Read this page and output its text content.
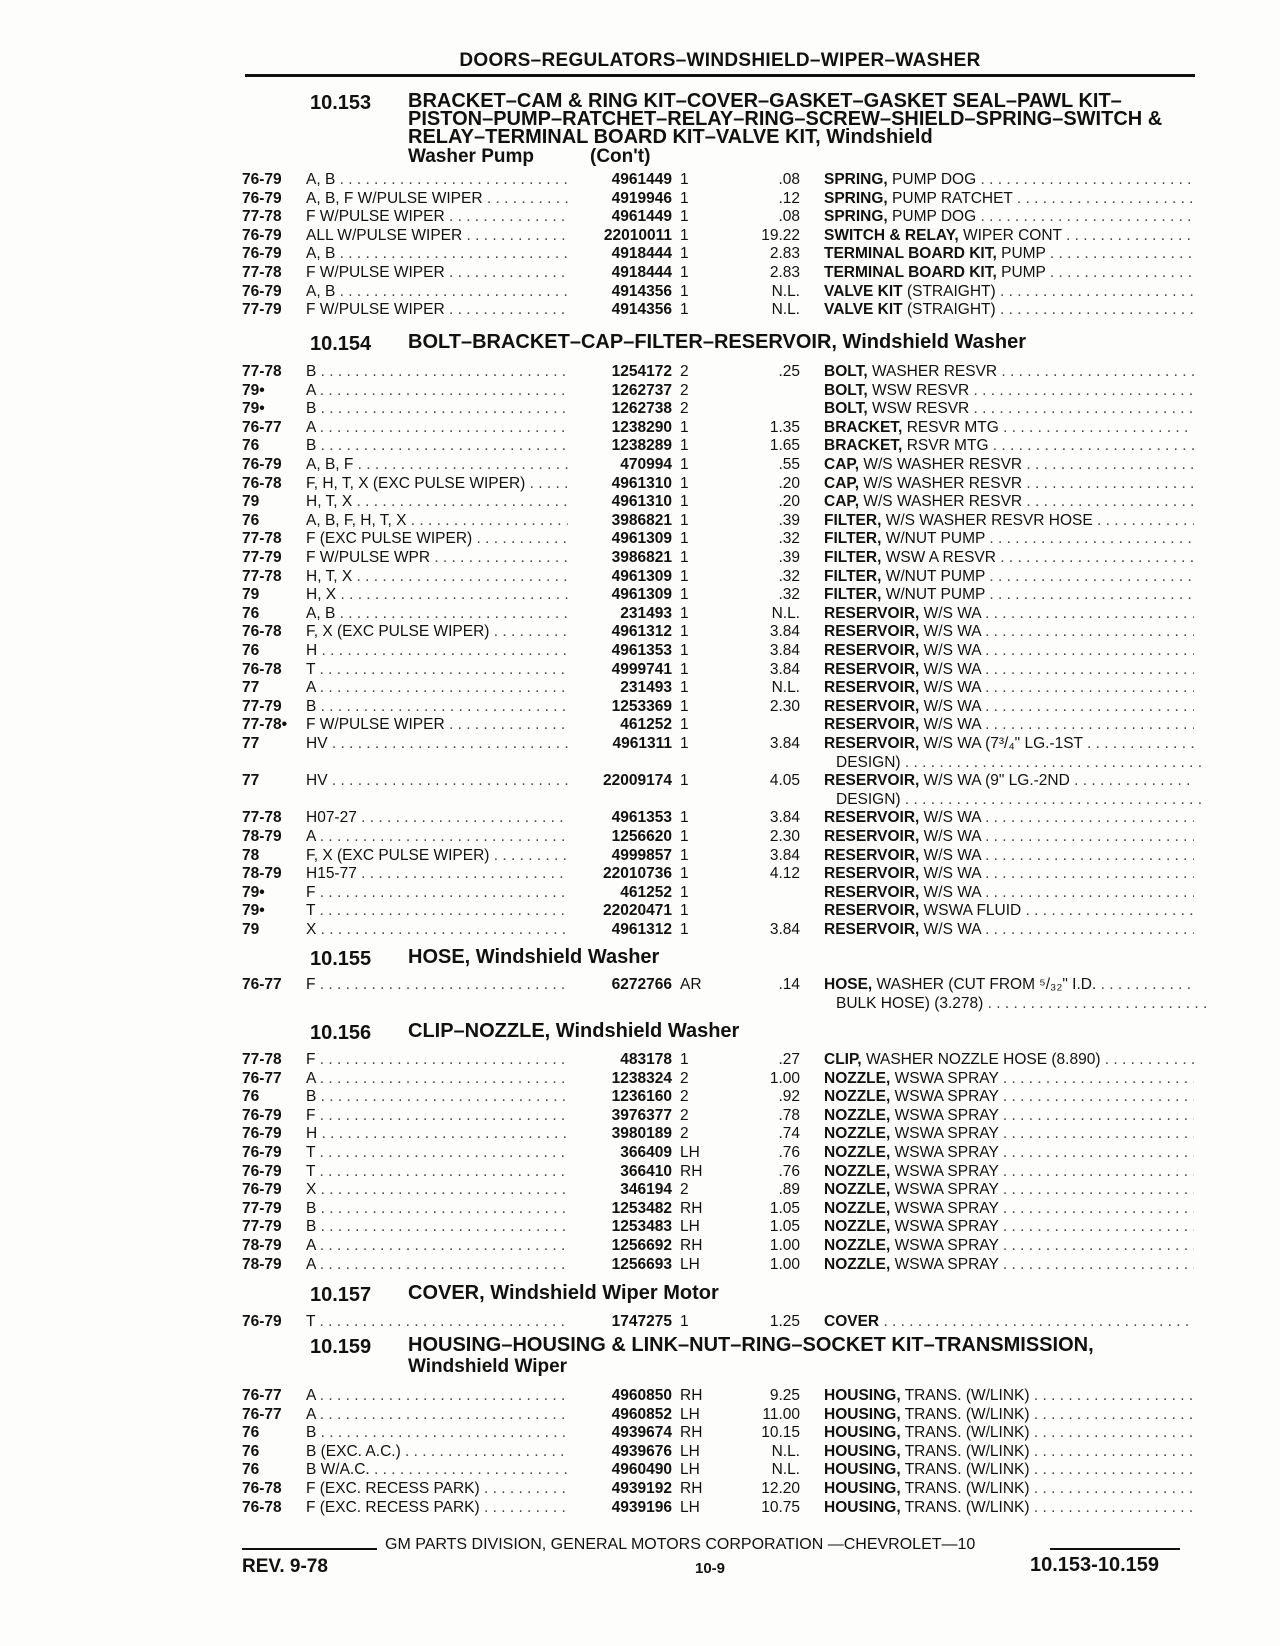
DOORS–REGULATORS–WINDSHIELD–WIPER–WASHER
10.153 BRACKET–CAM & RING KIT–COVER–GASKET–GASKET SEAL–PAWL KIT–PISTON–PUMP–RATCHET–RELAY–RING–SCREW–SHIELD–SPRING–SWITCH & RELAY–TERMINAL BOARD KIT–VALVE KIT, Windshield
Washer Pump	(Con't)
76-79 A, B . . .	4961449 1	.08 SPRING, PUMP DOG . . .
76-79 A, B, F W/PULSE WIPER . . .	4919946 1	.12 SPRING, PUMP RATCHET . . .
77-78 F W/PULSE WIPER . . .	4961449 1	.08 SPRING, PUMP DOG . . .
76-79 ALL W/PULSE WIPER . . .	22010011 1	19.22 SWITCH & RELAY, WIPER CONT . . .
76-79 A, B . . .	4918444 1	2.83 TERMINAL BOARD KIT, PUMP . . .
77-78 F W/PULSE WIPER . . .	4918444 1	2.83 TERMINAL BOARD KIT, PUMP . . .
76-79 A, B . . .	4914356 1	N.L. VALVE KIT (STRAIGHT) . . .
77-79 F W/PULSE WIPER . . .	4914356 1	N.L. VALVE KIT (STRAIGHT) . . .
10.154 BOLT–BRACKET–CAP–FILTER–RESERVOIR, Windshield Washer
77-78 B . . .	1254172 2	.25 BOLT, WASHER RESVR . . .
79•	A . . .	1262737 2	BOLT, WSW RESVR . . .
79•	B . . .	1262738 2	BOLT, WSW RESVR . . .
76-77 A . . .	1238290 1	1.35 BRACKET, RESVR MTG . . .
76	B . . .	1238289 1	1.65 BRACKET, RSVR MTG . . .
76-79 A, B, F . . .	470994 1	.55 CAP, W/S WASHER RESVR . . .
76-78 F, H, T, X (EXC PULSE WIPER) . . .	4961310 1	.20 CAP, W/S WASHER RESVR . . .
79	H, T, X . . .	4961310 1	.20 CAP, W/S WASHER RESVR . . .
76	A, B, F, H, T, X . . .	3986821 1	.39 FILTER, W/S WASHER RESVR HOSE . . .
77-78 F (EXC PULSE WIPER) . . .	4961309 1	.32 FILTER, W/NUT PUMP . . .
77-79 F W/PULSE WPR . . .	3986821 1	.39 FILTER, WSW A RESVR . . .
77-78 H, T, X . . .	4961309 1	.32 FILTER, W/NUT PUMP . . .
79	H, X . . .	4961309 1	.32 FILTER, W/NUT PUMP . . .
76	A, B . . .	231493 1	N.L. RESERVOIR, W/S WA . . .
76-78 F, X (EXC PULSE WIPER) . . .	4961312 1	3.84 RESERVOIR, W/S WA . . .
76	H . . .	4961353 1	3.84 RESERVOIR, W/S WA . . .
76-78 T . . .	4999741 1	3.84 RESERVOIR, W/S WA . . .
77	A . . .	231493 1	N.L. RESERVOIR, W/S WA . . .
77-79 B . . .	1253369 1	2.30 RESERVOIR, W/S WA . . .
77-78• F W/PULSE WIPER . . .	461252 1	RESERVOIR, W/S WA . . .
77	HV . . .	4961311 1	3.84 RESERVOIR, W/S WA (7³/₄" LG.-1ST . . .
DESIGN) . . .
77	HV . . .	22009174 1	4.05 RESERVOIR, W/S WA (9" LG.-2ND . . .
DESIGN) . . .
77-78 H07-27 . . .	4961353 1	3.84 RESERVOIR, W/S WA . . .
78-79 A . . .	1256620 1	2.30 RESERVOIR, W/S WA . . .
78	F, X (EXC PULSE WIPER) . . .	4999857 1	3.84 RESERVOIR, W/S WA . . .
78-79 H15-77 . . .	22010736 1	4.12 RESERVOIR, W/S WA . . .
79•	F . . .	461252 1	RESERVOIR, W/S WA . . .
79•	T . . .	22020471 1	RESERVOIR, WSWA FLUID . . .
79	X . . .	4961312 1	3.84 RESERVOIR, W/S WA . . .
10.155 HOSE, Windshield Washer
76-77 F . . .	6272766 AR	.14 HOSE, WASHER (CUT FROM ⁵/₃₂" I.D. . . .
BULK HOSE) (3.278) . . .
10.156 CLIP–NOZZLE, Windshield Washer
77-78 F . . .	483178 1	.27 CLIP, WASHER NOZZLE HOSE (8.890) . . .
76-77 A . . .	1238324 2	1.00 NOZZLE, WSWA SPRAY . . .
76	B . . .	1236160 2	.92 NOZZLE, WSWA SPRAY . . .
76-79 F . . .	3976377 2	.78 NOZZLE, WSWA SPRAY . . .
76-79 H . . .	3980189 2	.74 NOZZLE, WSWA SPRAY . . .
76-79 T . . .	366409 LH	.76 NOZZLE, WSWA SPRAY . . .
76-79 T . . .	366410 RH	.76 NOZZLE, WSWA SPRAY . . .
76-79 X . . .	346194 2	.89 NOZZLE, WSWA SPRAY . . .
77-79 B . . .	1253482 RH	1.05 NOZZLE, WSWA SPRAY . . .
77-79 B . . .	1253483 LH	1.05 NOZZLE, WSWA SPRAY . . .
78-79 A . . .	1256692 RH	1.00 NOZZLE, WSWA SPRAY . . .
78-79 A . . .	1256693 LH	1.00 NOZZLE, WSWA SPRAY . . .
10.157 COVER, Windshield Wiper Motor
76-79 T . . .	1747275 1	1.25 COVER . . .
10.159 HOUSING–HOUSING & LINK–NUT–RING–SOCKET KIT–TRANSMISSION,
Windshield Wiper
76-77 A . . .	4960850 RH	9.25 HOUSING, TRANS. (W/LINK) . . .
76-77 A . . .	4960852 LH	11.00 HOUSING, TRANS. (W/LINK) . . .
76	B . . .	4939674 RH	10.15 HOUSING, TRANS. (W/LINK) . . .
76	B (EXC. A.C.) . . .	4939676 LH	N.L. HOUSING, TRANS. (W/LINK) . . .
76	B W/A.C. . . .	4960490 LH	N.L. HOUSING, TRANS. (W/LINK) . . .
76-78 F (EXC. RECESS PARK) . . .	4939192 RH	12.20 HOUSING, TRANS. (W/LINK) . . .
76-78 F (EXC. RECESS PARK) . . .	4939196 LH	10.75 HOUSING, TRANS. (W/LINK) . . .
GM PARTS DIVISION, GENERAL MOTORS CORPORATION —CHEVROLET—10
REV. 9-78	10-9	10.153-10.159
